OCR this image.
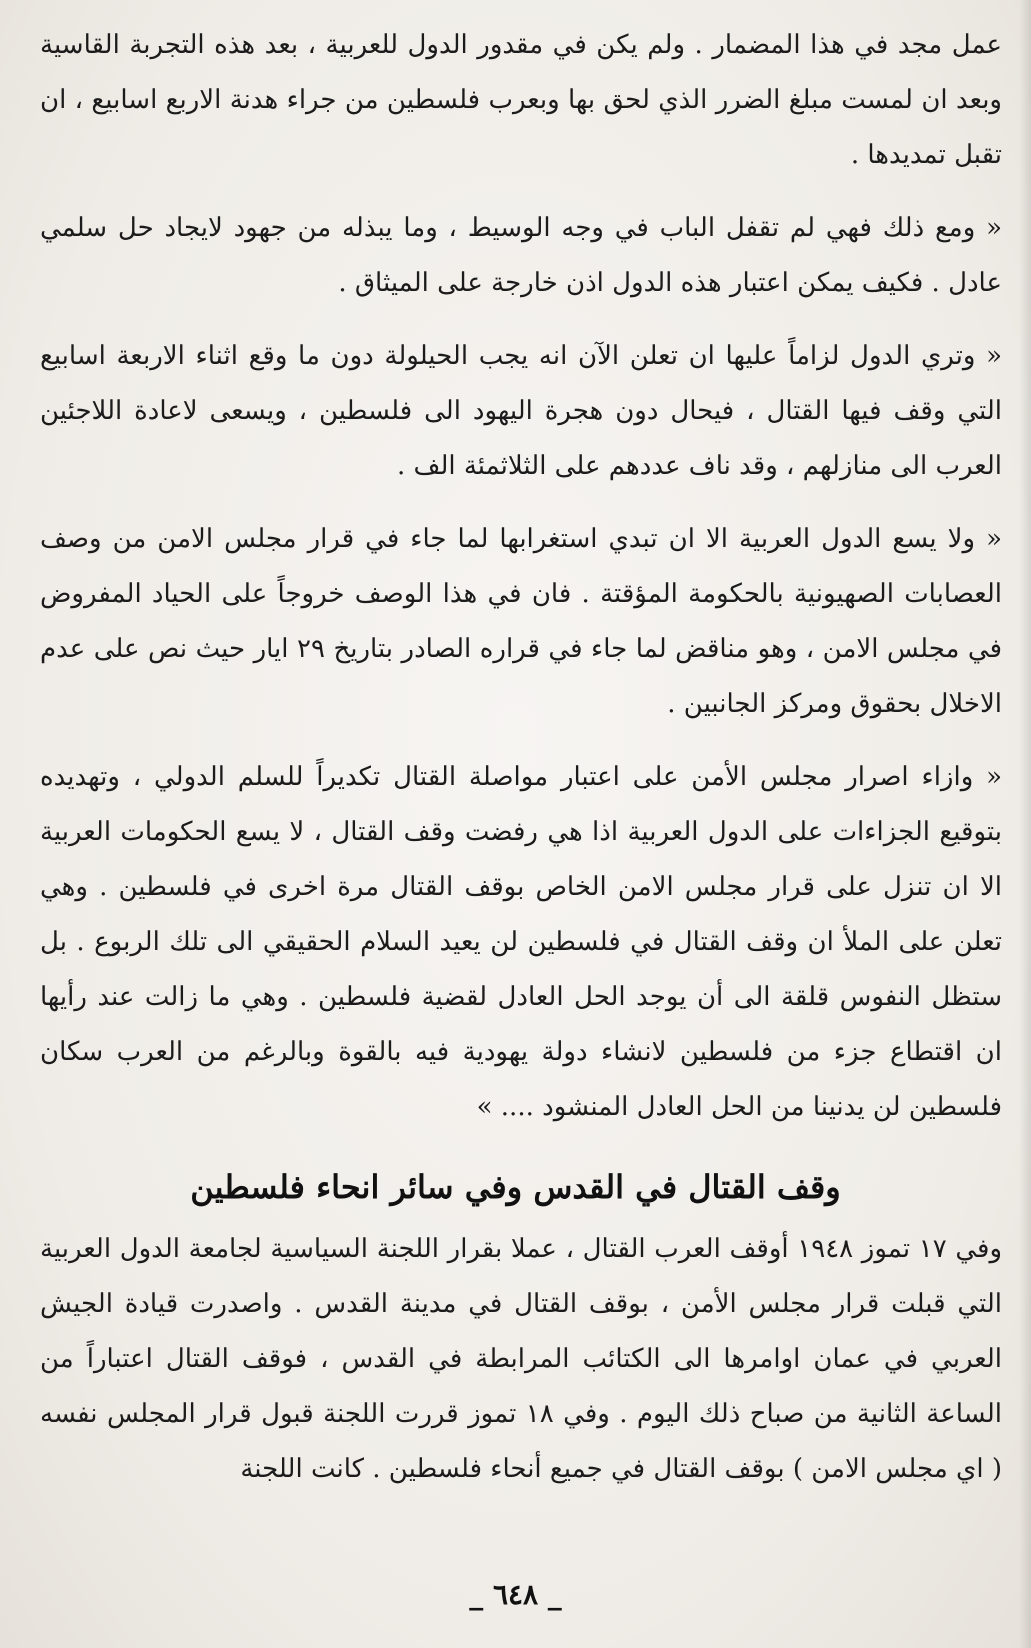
عمل مجد في هذا المضمار . ولم يكن في مقدور الدول للعربية ، بعد هذه التجربة القاسية وبعد ان لمست مبلغ الضرر الذي لحق بها وبعرب فلسطين من جراء هدنة الاربع اسابيع ، ان تقبل تمديدها .

« ومع ذلك فهي لم تقفل الباب في وجه الوسيط ، وما يبذله من جهود لايجاد حل سلمي عادل . فكيف يمكن اعتبار هذه الدول اذن خارجة على الميثاق .

« وتري الدول لزاماً عليها ان تعلن الآن انه يجب الحيلولة دون ما وقع اثناء الاربعة اسابيع التي وقف فيها القتال ، فيحال دون هجرة اليهود الى فلسطين ، ويسعى لاعادة اللاجئين العرب الى منازلهم ، وقد ناف عددهم على الثلاثمئة الف .

« ولا يسع الدول العربية الا ان تبدي استغرابها لما جاء في قرار مجلس الامن من وصف العصابات الصهيونية بالحكومة المؤقتة . فان في هذا الوصف خروجاً على الحياد المفروض في مجلس الامن ، وهو مناقض لما جاء في قراره الصادر بتاريخ ٢٩ ايار حيث نص على عدم الاخلال بحقوق ومركز الجانبين .

« وازاء اصرار مجلس الأمن على اعتبار مواصلة القتال تكديراً للسلم الدولي ، وتهديده بتوقيع الجزاءات على الدول العربية اذا هي رفضت وقف القتال ، لا يسع الحكومات العربية الا ان تنزل على قرار مجلس الامن الخاص بوقف القتال مرة اخرى في فلسطين . وهي تعلن على الملأ ان وقف القتال في فلسطين لن يعيد السلام الحقيقي الى تلك الربوع . بل ستظل النفوس قلقة الى أن يوجد الحل العادل لقضية فلسطين . وهي ما زالت عند رأيها ان اقتطاع جزء من فلسطين لانشاء دولة يهودية فيه بالقوة وبالرغم من العرب سكان فلسطين لن يدنينا من الحل العادل المنشود .... »

وقف القتال في القدس وفي سائر انحاء فلسطين

وفي ١٧ تموز ١٩٤٨ أوقف العرب القتال ، عملا بقرار اللجنة السياسية لجامعة الدول العربية التي قبلت قرار مجلس الأمن ، بوقف القتال في مدينة القدس . واصدرت قيادة الجيش العربي في عمان اوامرها الى الكتائب المرابطة في القدس ، فوقف القتال اعتباراً من الساعة الثانية من صباح ذلك اليوم . وفي ١٨ تموز قررت اللجنة قبول قرار المجلس نفسه ( اي مجلس الامن ) بوقف القتال في جميع أنحاء فلسطين . كانت اللجنة

_ ٦٤٨ _
